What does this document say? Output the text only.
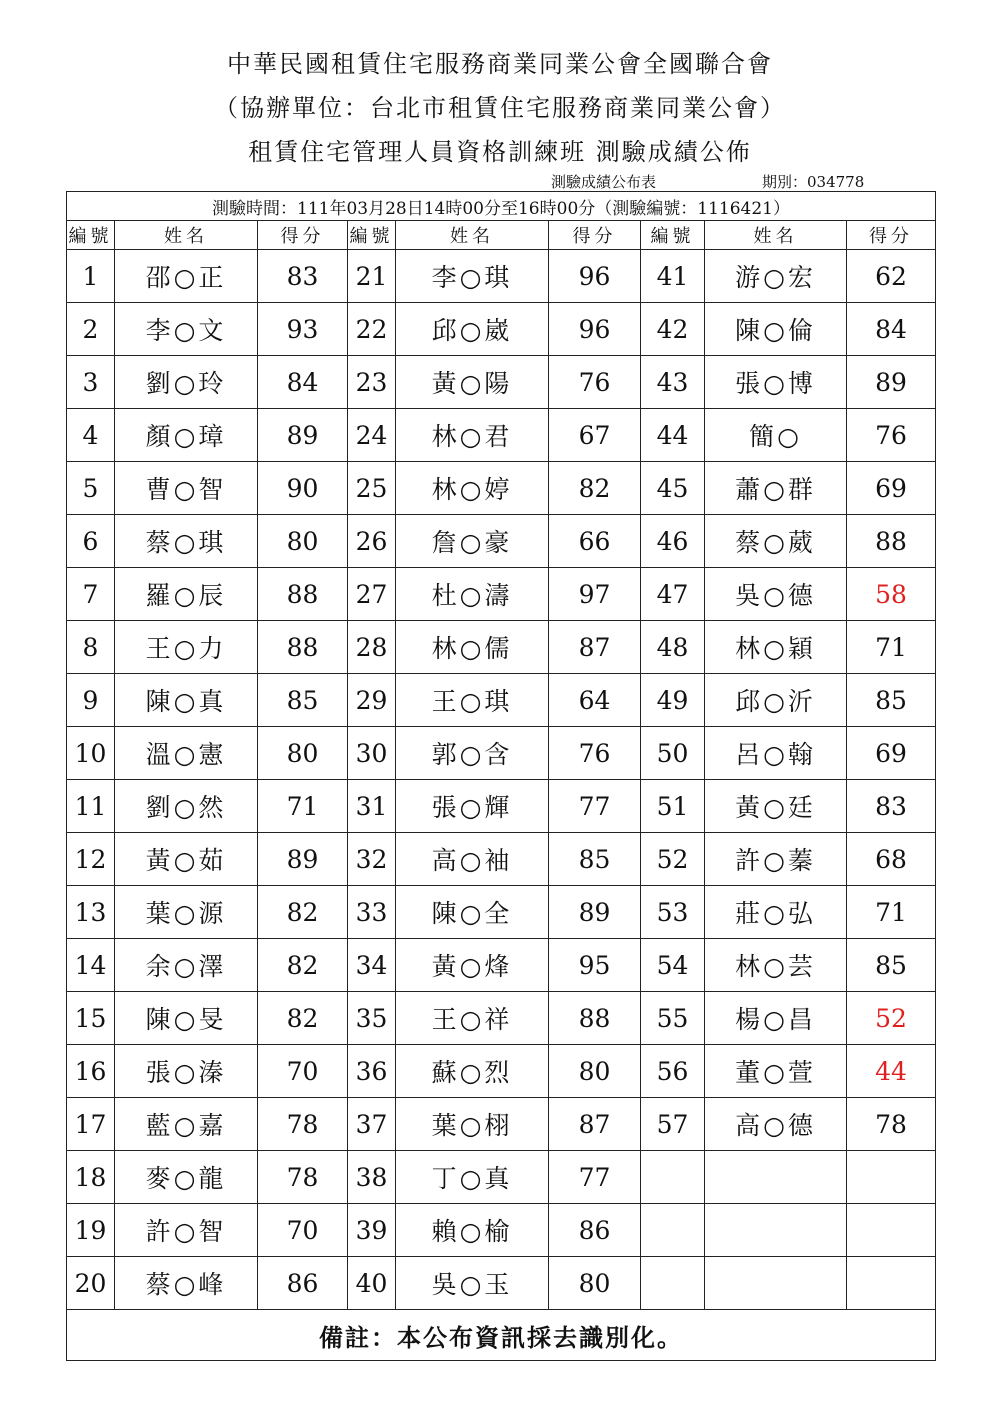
中華民國租賃住宅服務商業同業公會全國聯合會
（協辦單位：台北市租賃住宅服務商業同業公會）
租賃住宅管理人員資格訓練班 測驗成績公佈
測驗成績公布表	期別：034778
測驗時間：111年03月28日14時00分至16時00分（測驗編號：1116421）								
編號	姓名	得分	編號	姓名	得分	編號	姓名	得分
1	邵○正	83	21	李○琪	96	41	游○宏	62
2	李○文	93	22	邱○崴	96	42	陳○倫	84
3	劉○玲	84	23	黃○陽	76	43	張○博	89
4	顏○璋	89	24	林○君	67	44	簡○	76
5	曹○智	90	25	林○婷	82	45	蕭○群	69
6	蔡○琪	80	26	詹○豪	66	46	蔡○葳	88
7	羅○辰	88	27	杜○濤	97	47	吳○德	58
8	王○力	88	28	林○儒	87	48	林○穎	71
9	陳○真	85	29	王○琪	64	49	邱○沂	85
10	溫○憲	80	30	郭○含	76	50	呂○翰	69
11	劉○然	71	31	張○輝	77	51	黃○廷	83
12	黃○茹	89	32	高○袖	85	52	許○蓁	68
13	葉○源	82	33	陳○全	89	53	莊○弘	71
14	余○澤	82	34	黃○烽	95	54	林○芸	85
15	陳○旻	82	35	王○祥	88	55	楊○昌	52
16	張○溱	70	36	蘇○烈	80	56	董○萱	44
17	藍○嘉	78	37	葉○栩	87	57	高○德	78
18	麥○龍	78	38	丁○真	77			
19	許○智	70	39	賴○榆	86			
20	蔡○峰	86	40	吳○玉	80			
備註：本公布資訊採去識別化。								
